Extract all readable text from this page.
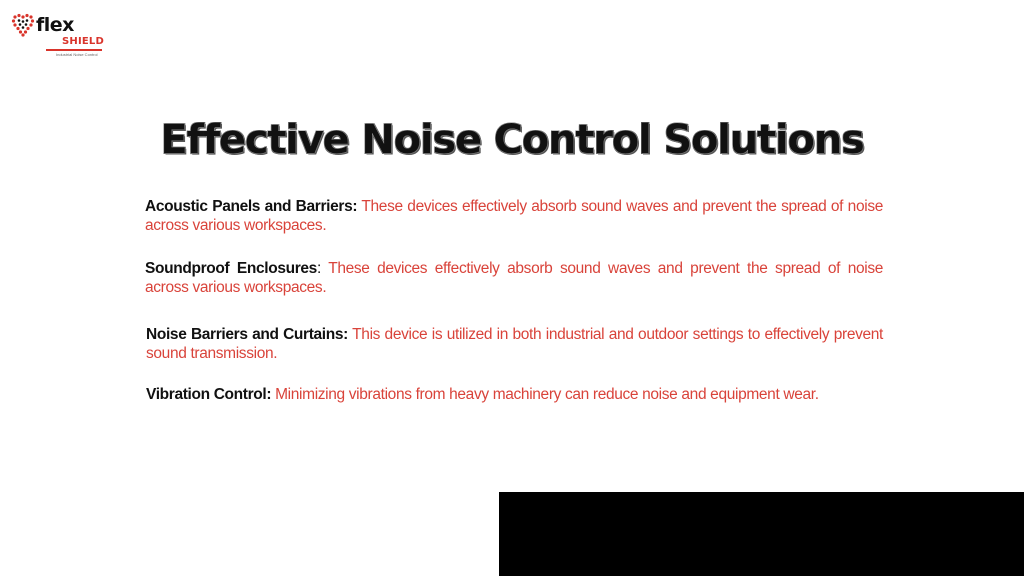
flex
SHIELD
Industrial Noise Control
Effective Noise Control Solutions

Acoustic Panels and Barriers: These devices effectively absorb sound waves and prevent the spread of noise across various workspaces.

Soundproof Enclosures: These devices effectively absorb sound waves and prevent the spread of noise across various workspaces.

Noise Barriers and Curtains: This device is utilized in both industrial and outdoor settings to effectively prevent sound transmission.

Vibration Control: Minimizing vibrations from heavy machinery can reduce noise and equipment wear.
